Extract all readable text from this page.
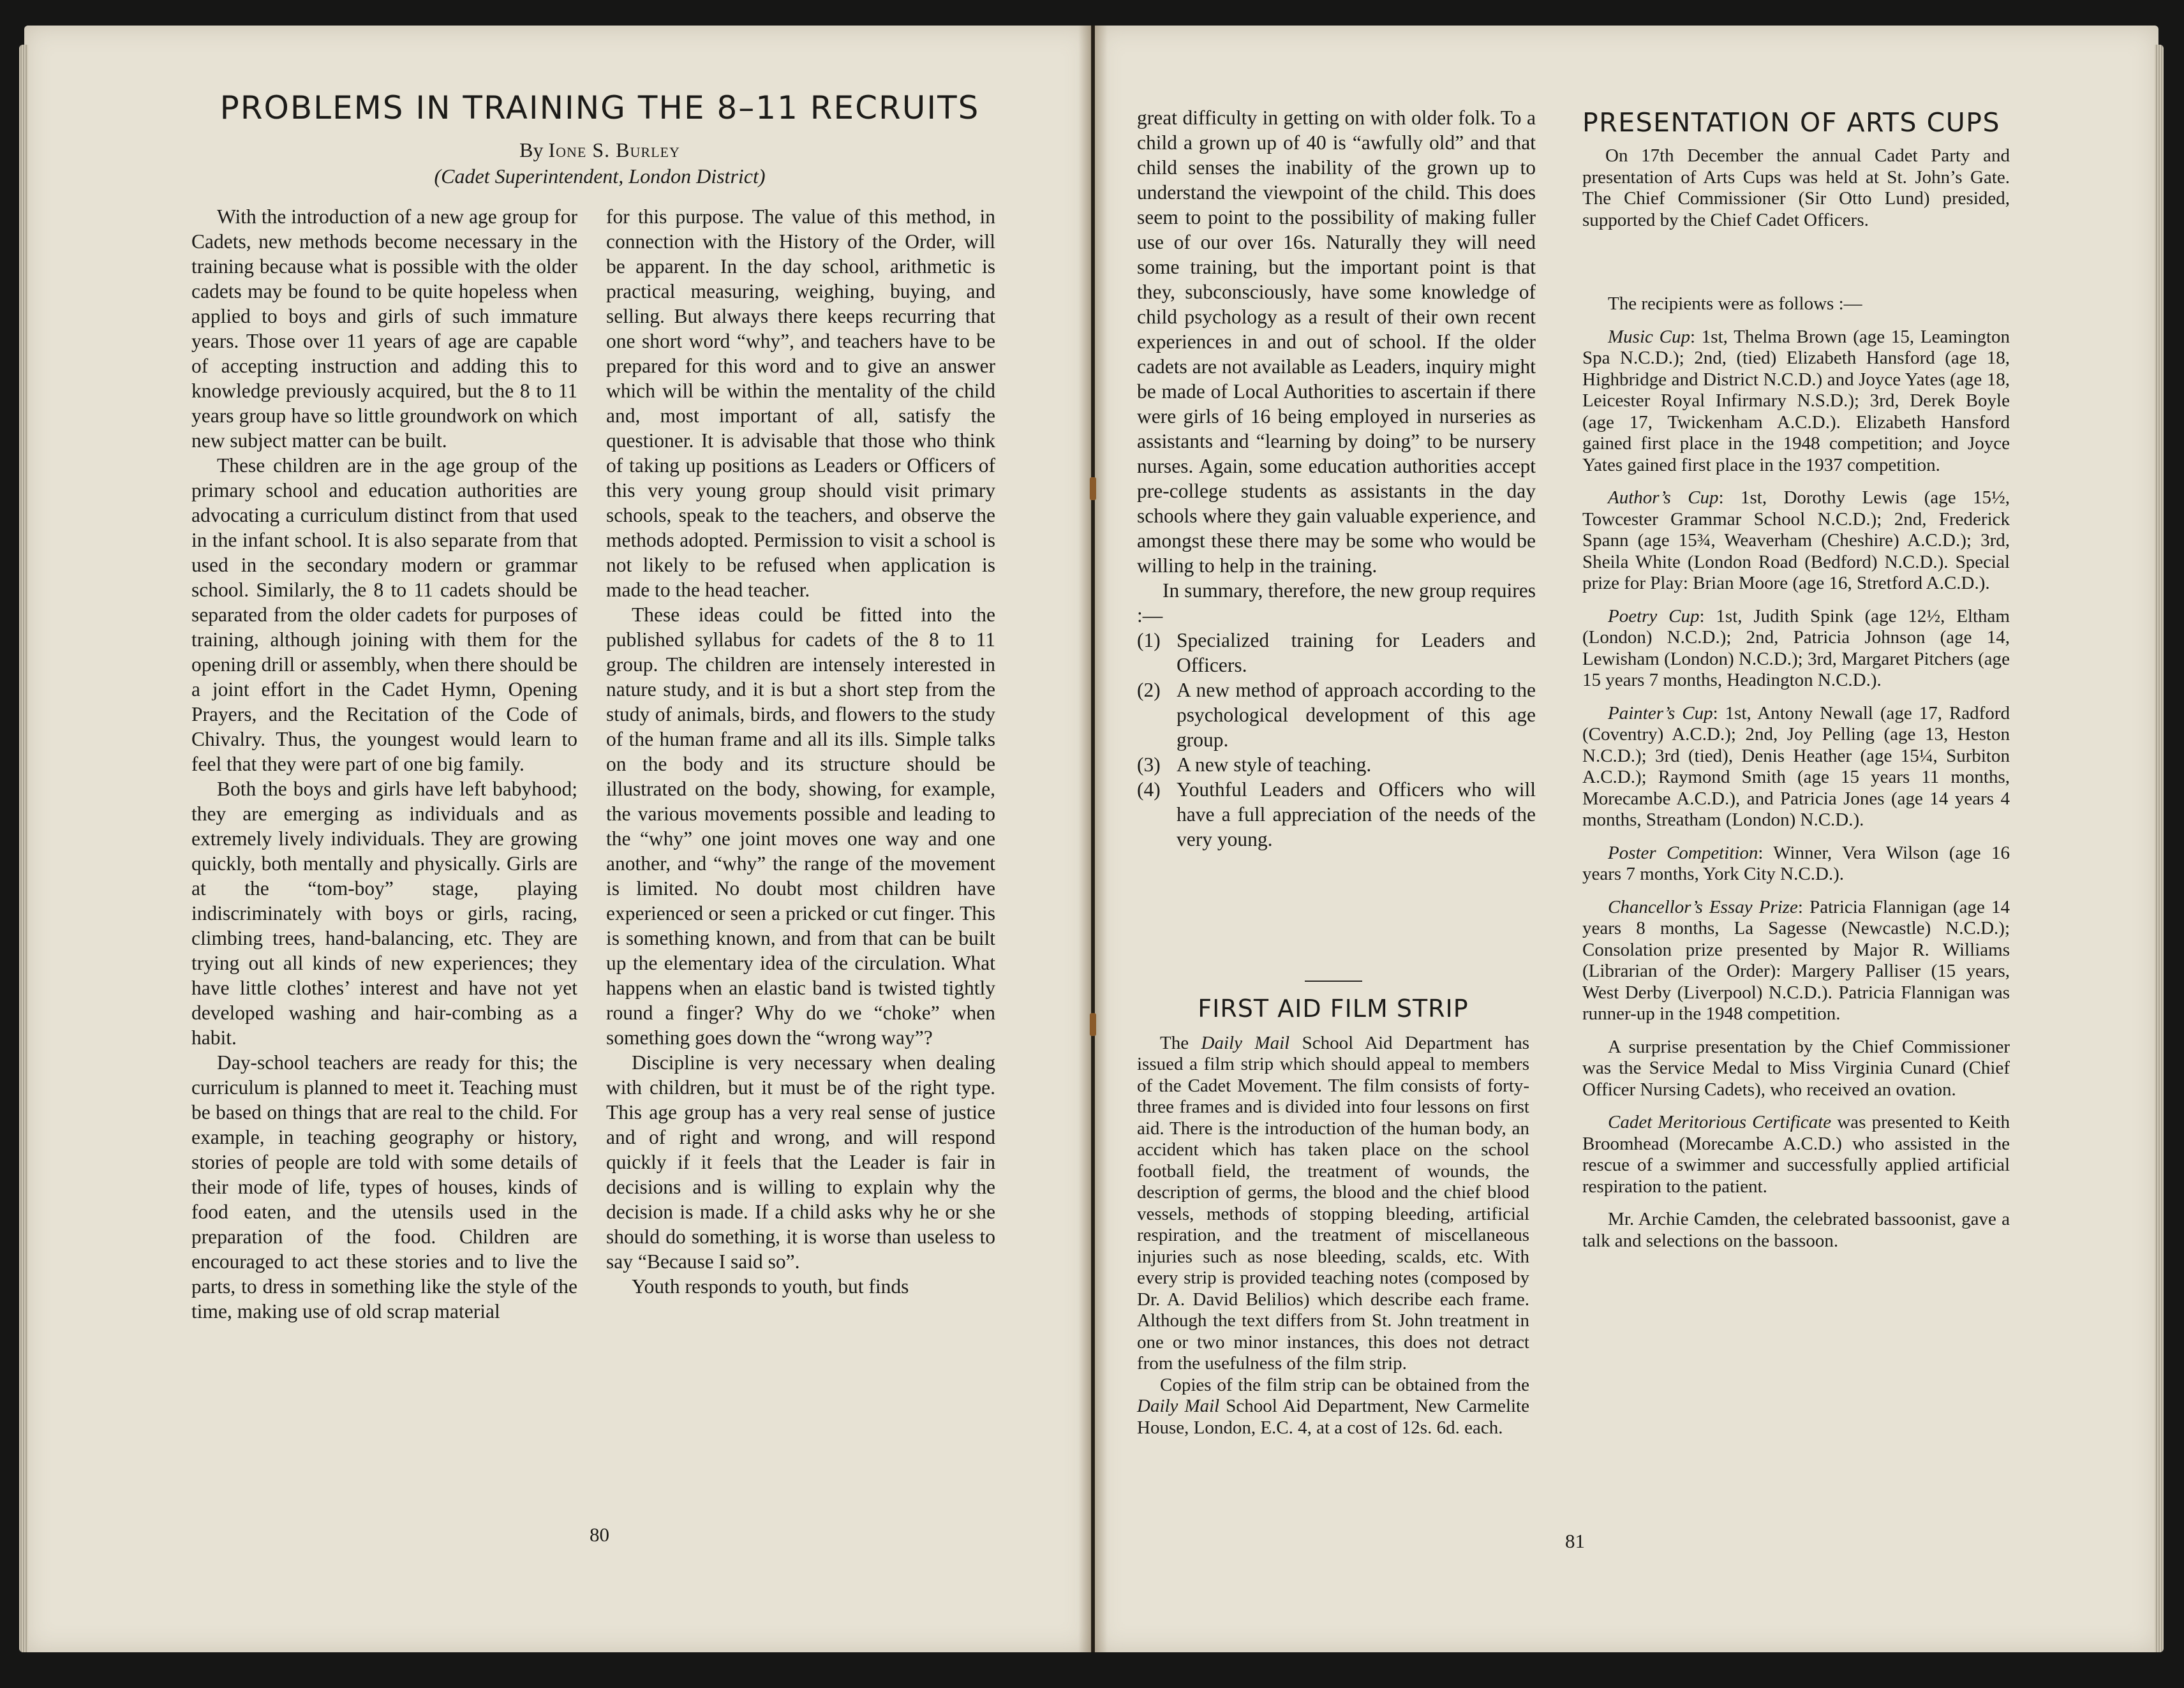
PROBLEMS IN TRAINING THE 8–11 RECRUITS
By Ione S. Burley
(Cadet Superintendent, London District)

With the introduction of a new age group for Cadets, new methods become necessary in the training because what is possible with the older cadets may be found to be quite hopeless when applied to boys and girls of such immature years. Those over 11 years of age are capable of accepting instruction and adding this to knowledge previously acquired, but the 8 to 11 years group have so little groundwork on which new subject matter can be built.

These children are in the age group of the primary school and education authorities are advocating a curriculum distinct from that used in the infant school. It is also separate from that used in the secondary modern or grammar school. Similarly, the 8 to 11 cadets should be separated from the older cadets for purposes of training, although joining with them for the opening drill or assembly, when there should be a joint effort in the Cadet Hymn, Opening Prayers, and the Recitation of the Code of Chivalry. Thus, the youngest would learn to feel that they were part of one big family.

Both the boys and girls have left babyhood; they are emerging as individuals and as extremely lively individuals. They are growing quickly, both mentally and physically. Girls are at the “tom-boy” stage, playing indiscriminately with boys or girls, racing, climbing trees, hand-balancing, etc. They are trying out all kinds of new experiences; they have little clothes’ interest and have not yet developed washing and hair-combing as a habit.

Day-school teachers are ready for this; the curriculum is planned to meet it. Teaching must be based on things that are real to the child. For example, in teaching geography or history, stories of people are told with some details of their mode of life, types of houses, kinds of food eaten, and the utensils used in the preparation of the food. Children are encouraged to act these stories and to live the parts, to dress in something like the style of the time, making use of old scrap material

for this purpose. The value of this method, in connection with the History of the Order, will be apparent. In the day school, arithmetic is practical measuring, weighing, buying, and selling. But always there keeps recurring that one short word “why”, and teachers have to be prepared for this word and to give an answer which will be within the mentality of the child and, most important of all, satisfy the questioner. It is advisable that those who think of taking up positions as Leaders or Officers of this very young group should visit primary schools, speak to the teachers, and observe the methods adopted. Permission to visit a school is not likely to be refused when application is made to the head teacher.

These ideas could be fitted into the published syllabus for cadets of the 8 to 11 group. The children are intensely interested in nature study, and it is but a short step from the study of animals, birds, and flowers to the study of the human frame and all its ills. Simple talks on the body and its structure should be illustrated on the body, showing, for example, the various movements possible and leading to the “why” one joint moves one way and one another, and “why” the range of the movement is limited. No doubt most children have experienced or seen a pricked or cut finger. This is something known, and from that can be built up the elementary idea of the circulation. What happens when an elastic band is twisted tightly round a finger? Why do we “choke” when something goes down the “wrong way”?

Discipline is very necessary when dealing with children, but it must be of the right type. This age group has a very real sense of justice and of right and wrong, and will respond quickly if it feels that the Leader is fair in decisions and is willing to explain why the decision is made. If a child asks why he or she should do something, it is worse than useless to say “Because I said so”.

Youth responds to youth, but finds

80

great difficulty in getting on with older folk. To a child a grown up of 40 is “awfully old” and that child senses the inability of the grown up to understand the viewpoint of the child. This does seem to point to the possibility of making fuller use of our over 16s. Naturally they will need some training, but the important point is that they, subconsciously, have some knowledge of child psychology as a result of their own recent experiences in and out of school. If the older cadets are not available as Leaders, inquiry might be made of Local Authorities to ascertain if there were girls of 16 being employed in nurseries as assistants and “learning by doing” to be nursery nurses. Again, some education authorities accept pre-college students as assistants in the day schools where they gain valuable experience, and amongst these there may be some who would be willing to help in the training.

In summary, therefore, the new group requires :—

(1) Specialized training for Leaders and Officers.
(2) A new method of approach according to the psychological development of this age group.
(3) A new style of teaching.
(4) Youthful Leaders and Officers who will have a full appreciation of the needs of the very young.
FIRST AID FILM STRIP

The Daily Mail School Aid Department has issued a film strip which should appeal to members of the Cadet Movement. The film consists of forty-three frames and is divided into four lessons on first aid. There is the introduction of the human body, an accident which has taken place on the school football field, the treatment of wounds, the description of germs, the blood and the chief blood vessels, methods of stopping bleeding, artificial respiration, and the treatment of miscellaneous injuries such as nose bleeding, scalds, etc. With every strip is provided teaching notes (composed by Dr. A. David Belilios) which describe each frame. Although the text differs from St. John treatment in one or two minor instances, this does not detract from the usefulness of the film strip.

Copies of the film strip can be obtained from the Daily Mail School Aid Department, New Carmelite House, London, E.C. 4, at a cost of 12s. 6d. each.

PRESENTATION OF ARTS CUPS

On 17th December the annual Cadet Party and presentation of Arts Cups was held at St. John’s Gate. The Chief Commissioner (Sir Otto Lund) presided, supported by the Chief Cadet Officers.

The recipients were as follows :—

Music Cup: 1st, Thelma Brown (age 15, Leamington Spa N.C.D.); 2nd, (tied) Elizabeth Hansford (age 18, Highbridge and District N.C.D.) and Joyce Yates (age 18, Leicester Royal Infirmary N.S.D.); 3rd, Derek Boyle (age 17, Twickenham A.C.D.). Elizabeth Hansford gained first place in the 1948 competition; and Joyce Yates gained first place in the 1937 competition.

Author’s Cup: 1st, Dorothy Lewis (age 15½, Towcester Grammar School N.C.D.); 2nd, Frederick Spann (age 15¾, Weaverham (Cheshire) A.C.D.); 3rd, Sheila White (London Road (Bedford) N.C.D.). Special prize for Play: Brian Moore (age 16, Stretford A.C.D.).

Poetry Cup: 1st, Judith Spink (age 12½, Eltham (London) N.C.D.); 2nd, Patricia Johnson (age 14, Lewisham (London) N.C.D.); 3rd, Margaret Pitchers (age 15 years 7 months, Headington N.C.D.).

Painter’s Cup: 1st, Antony Newall (age 17, Radford (Coventry) A.C.D.); 2nd, Joy Pelling (age 13, Heston N.C.D.); 3rd (tied), Denis Heather (age 15¼, Surbiton A.C.D.); Raymond Smith (age 15 years 11 months, Morecambe A.C.D.), and Patricia Jones (age 14 years 4 months, Streatham (London) N.C.D.).

Poster Competition: Winner, Vera Wilson (age 16 years 7 months, York City N.C.D.).

Chancellor’s Essay Prize: Patricia Flannigan (age 14 years 8 months, La Sagesse (Newcastle) N.C.D.); Consolation prize presented by Major R. Williams (Librarian of the Order): Margery Palliser (15 years, West Derby (Liverpool) N.C.D.). Patricia Flannigan was runner-up in the 1948 competition.

A surprise presentation by the Chief Commissioner was the Service Medal to Miss Virginia Cunard (Chief Officer Nursing Cadets), who received an ovation.

Cadet Meritorious Certificate was presented to Keith Broomhead (Morecambe A.C.D.) who assisted in the rescue of a swimmer and successfully applied artificial respiration to the patient.

Mr. Archie Camden, the celebrated bassoonist, gave a talk and selections on the bassoon.

81
